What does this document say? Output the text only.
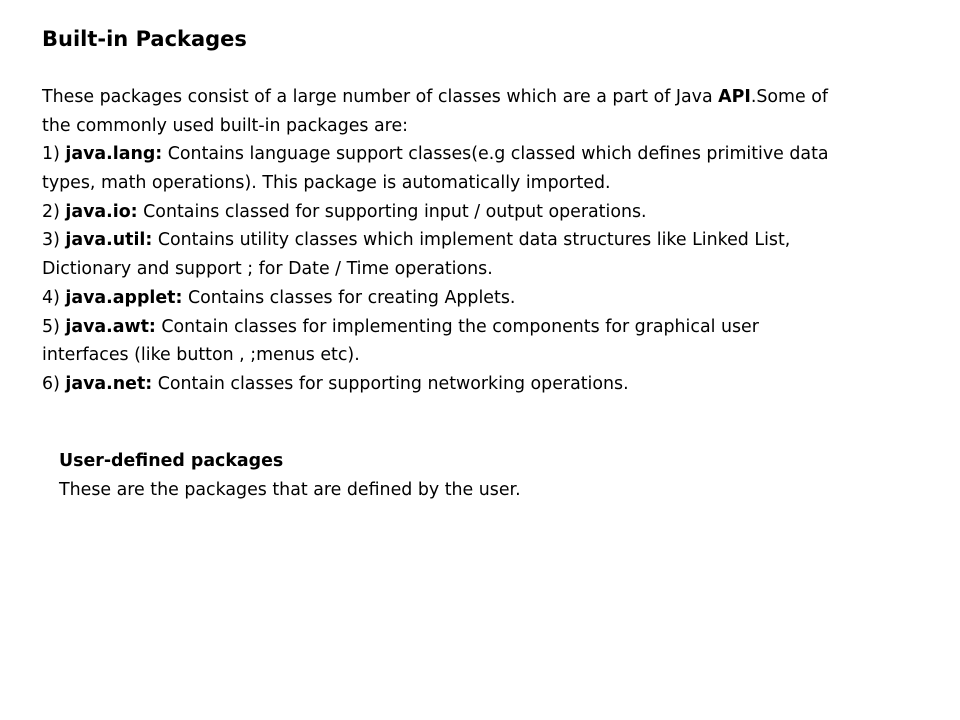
Built-in Packages
These packages consist of a large number of classes which are a part of Java API.Some of
the commonly used built-in packages are:
1) java.lang: Contains language support classes(e.g classed which defines primitive data
types, math operations). This package is automatically imported.
2) java.io: Contains classed for supporting input / output operations.
3) java.util: Contains utility classes which implement data structures like Linked List,
Dictionary and support ; for Date / Time operations.
4) java.applet: Contains classes for creating Applets.
5) java.awt: Contain classes for implementing the components for graphical user
interfaces (like button , ;menus etc).
6) java.net: Contain classes for supporting networking operations.
User-defined packages
These are the packages that are defined by the user.
